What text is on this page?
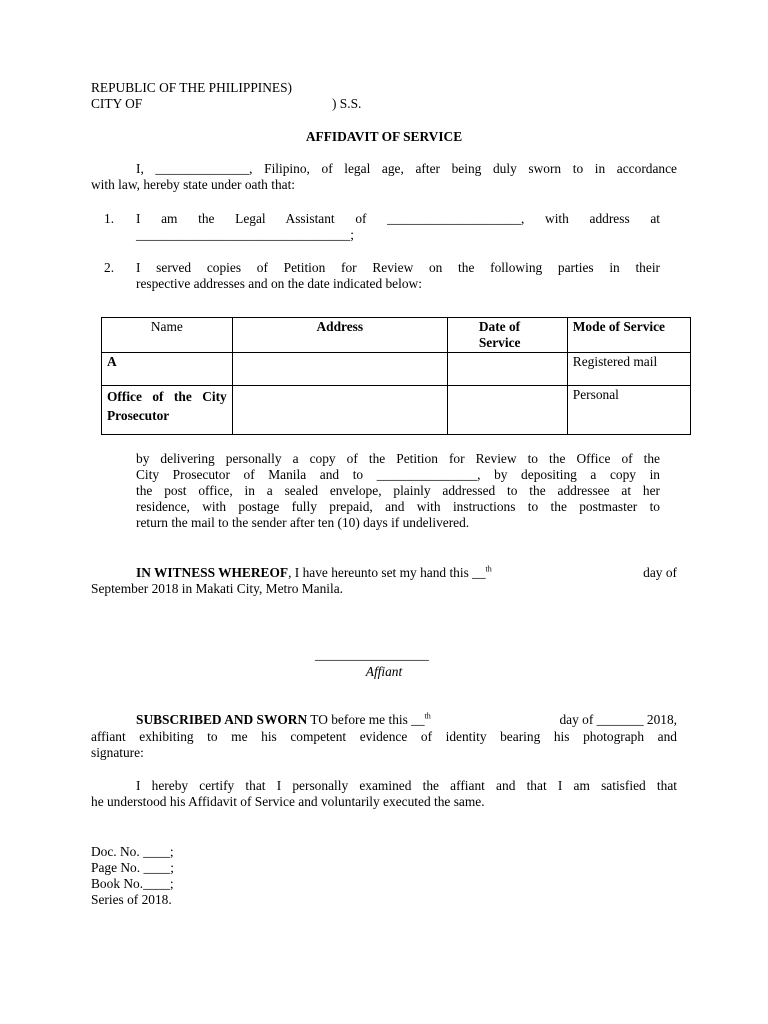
REPUBLIC OF THE PHILIPPINES)
CITY OF	) S.S.
AFFIDAVIT OF SERVICE
I, ______________, Filipino, of legal age, after being duly sworn to in accordance
with law, hereby state under oath that:
1. I am the Legal Assistant of ____________________, with address at
________________________________;
2. I served copies of Petition for Review on the following parties in their
respective addresses and on the date indicated below:
Name	Address	Date of Service	Mode of Service
A			Registered mail
Office of the City Prosecutor			Personal
by delivering personally a copy of the Petition for Review to the Office of the
City Prosecutor of Manila and to _______________, by depositing a copy in
the post office, in a sealed envelope, plainly addressed to the addressee at her
residence, with postage fully prepaid, and with instructions to the postmaster to
return the mail to the sender after ten (10) days if undelivered.
IN WITNESS WHEREOF, I have hereunto set my hand this __$^{th}$	day of
September 2018 in Makati City, Metro Manila.
_________________
Affiant
SUBSCRIBED AND SWORN TO before me this __$^{th}$	day of _______ 2018,
affiant exhibiting to me his competent evidence of identity bearing his photograph and
signature:
I hereby certify that I personally examined the affiant and that I am satisfied that
he understood his Affidavit of Service and voluntarily executed the same.
Doc. No. ____;
Page No. ____;
Book No.____;
Series of 2018.
